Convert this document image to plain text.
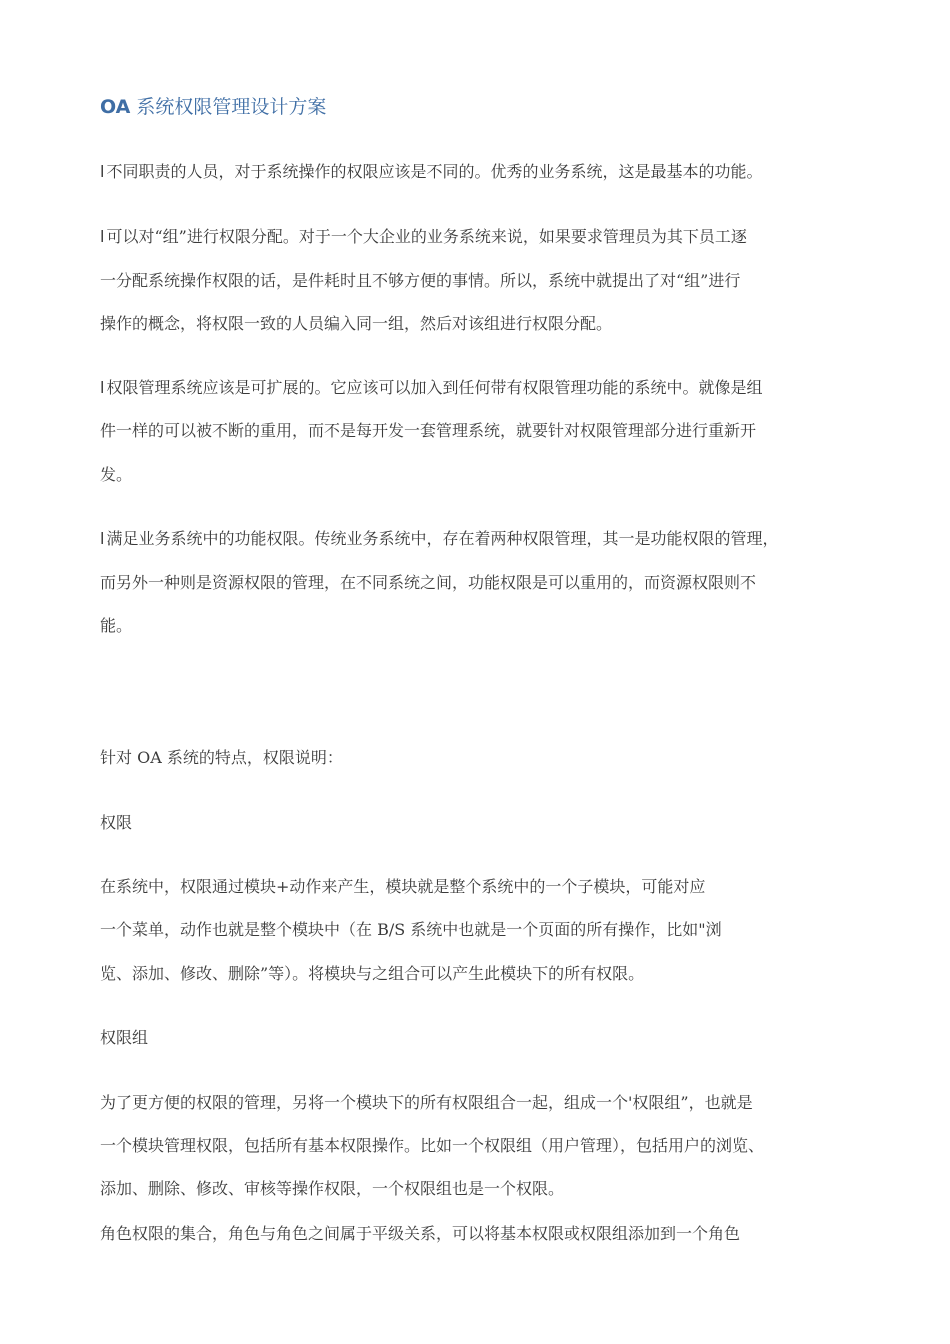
OA 系统权限管理设计方案

l 不同职责的人员，对于系统操作的权限应该是不同的。优秀的业务系统，这是最基本的功能。

l 可以对“组”进行权限分配。对于一个大企业的业务系统来说，如果要求管理员为其下员工逐

一分配系统操作权限的话，是件耗时且不够方便的事情。所以，系统中就提出了对“组”进行

操作的概念，将权限一致的人员编入同一组，然后对该组进行权限分配。

l 权限管理系统应该是可扩展的。它应该可以加入到任何带有权限管理功能的系统中。就像是组

件一样的可以被不断的重用，而不是每开发一套管理系统，就要针对权限管理部分进行重新开

发。

l 满足业务系统中的功能权限。传统业务系统中，存在着两种权限管理，其一是功能权限的管理，

而另外一种则是资源权限的管理，在不同系统之间，功能权限是可以重用的，而资源权限则不

能。

针对 OA 系统的特点，权限说明：

权限

在系统中，权限通过模块+动作来产生，模块就是整个系统中的一个子模块，可能对应

一个菜单，动作也就是整个模块中（在 B/S 系统中也就是一个页面的所有操作，比如"浏

览、添加、修改、删除”等）。将模块与之组合可以产生此模块下的所有权限。

权限组

为了更方便的权限的管理，另将一个模块下的所有权限组合一起，组成一个'权限组”，也就是

一个模块管理权限，包括所有基本权限操作。比如一个权限组（用户管理），包括用户的浏览、

添加、删除、修改、审核等操作权限，一个权限组也是一个权限。

角色权限的集合，角色与角色之间属于平级关系，可以将基本权限或权限组添加到一个角色
